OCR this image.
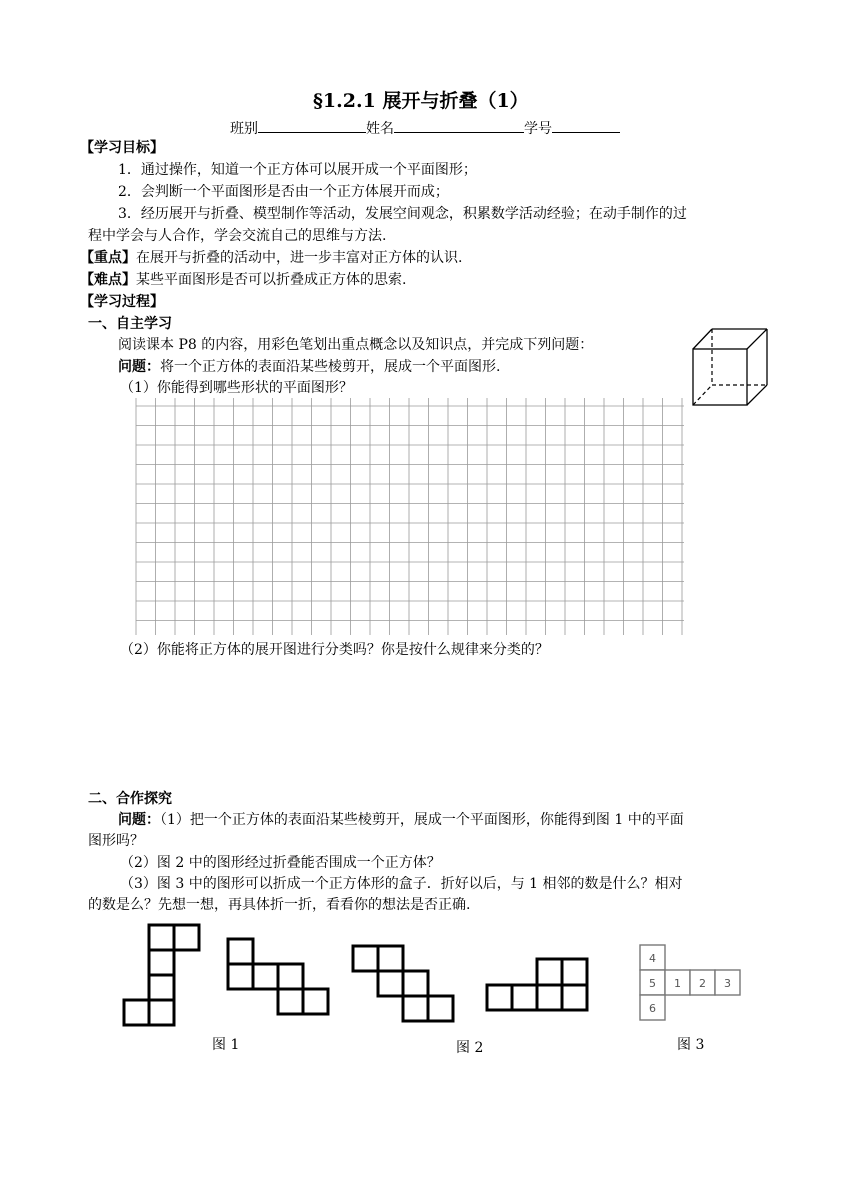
§1.2.1 展开与折叠（1）
班别	姓名	学号
【学习目标】
1．通过操作，知道一个正方体可以展开成一个平面图形；
2．会判断一个平面图形是否由一个正方体展开而成；
3．经历展开与折叠、模型制作等活动，发展空间观念，积累数学活动经验；在动手制作的过
程中学会与人合作，学会交流自己的思维与方法.
【重点】在展开与折叠的活动中，进一步丰富对正方体的认识.
【难点】某些平面图形是否可以折叠成正方体的思索.
【学习过程】
一、自主学习
阅读课本 P8 的内容，用彩色笔划出重点概念以及知识点，并完成下列问题：
问题：将一个正方体的表面沿某些棱剪开，展成一个平面图形.
（1）你能得到哪些形状的平面图形？
（2）你能将正方体的展开图进行分类吗？你是按什么规律来分类的？
二、合作探究
问题：（1）把一个正方体的表面沿某些棱剪开，展成一个平面图形，你能得到图 1 中的平面
图形吗？
（2）图 2 中的图形经过折叠能否围成一个正方体？
（3）图 3 中的图形可以折成一个正方体形的盒子．折好以后，与 1 相邻的数是什么？相对
的数是么？先想一想，再具体折一折，看看你的想法是否正确.
图 1	图 2
4
5 1 2 3
6
图 3
